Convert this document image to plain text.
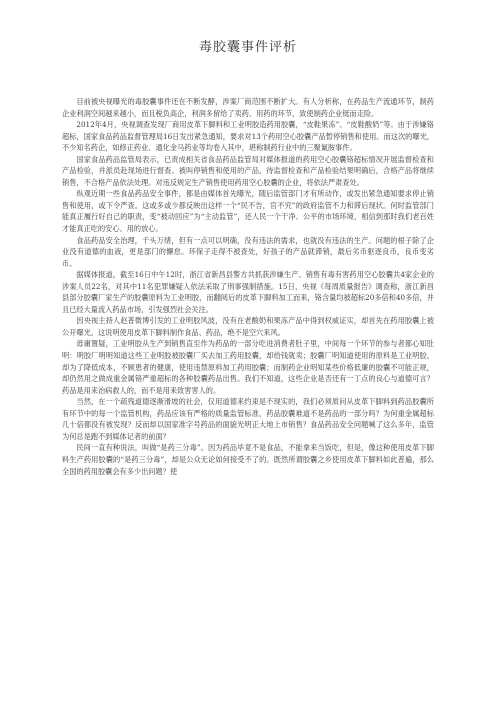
毒胶囊事件评析

目前被央视曝光的毒胶囊事件还在不断发酵，涉案厂商范围不断扩大。有人分析称，在药品生产流通环节，制药企业利润空间越来越小，而且税负高企，利润多留给了卖药、用药的环节，致使制药企业铤而走险。

2012年4月，央视调查发现厂商用皮革下脚料和工业明胶造药用胶囊，“皮鞋果冻”、“皮鞋酸奶”等。由于涉嫌铬超标，国家食品药品监督管理局16日发出紧急通知，要求对13个药用空心胶囊产品暂停销售和使用。而这次的曝光，不少知名药企，如修正药业、通化金马药业等均卷入其中，堪称制药行业中的三聚氰胺事件。

国家食品药品监管局表示，已责成相关省食品药品监管局对媒体报道的药用空心胶囊铬超标情况开展监督检查和产品检验，并派员赴现场进行督查。被叫停销售和使用的产品，待监督检查和产品检验结果明确后，合格产品将继续销售，不合格产品依法处理。对违反规定生产销售使用药用空心胶囊的企业，将依法严肃查处。

纵观近期一些食品药品安全事件，都是由媒体首先曝光，随后监管部门才有所动作，或发出紧急通知要求停止销售和使用，或下令严查。这或多或少都反映出这样一个“民不告，官不究”的政府监管不力和滞后现状。何时监管部门能真正履行好自己的职责，变“被动回应”为“主动监管”，还人民一个干净、公平的市场环境，相信到那时我们老百姓才能真正吃的安心、用的放心。

食品药品安全治理，千头万绪，但有一点可以明确，没有违法的需求，也就没有违法的生产。问题的根子除了企业没有道德的血液，更是部门的懈怠。环保子走得不被查处，好孩子的产品就滞销，最后劣币驱逐良币，良币变劣币。

据媒体报道，截至16日中午12时，浙江省新昌县警方共抓获涉嫌生产、销售有毒有害药用空心胶囊共4家企业的涉案人员22名，对其中11名犯罪嫌疑人依法采取了刑事强制措施。15日，央视《每周质量报告》调查称，浙江新昌县部分胶囊厂家生产的胶囊原料为工业明胶，而翻阅后的皮革下脚料加工而来，铬含量均被超标20多倍和40多倍，并且已经大量流入药品市场，引发强烈社会关注。

因央视主持人赵普微博引发的工业明胶风波，没有在老酸奶和果冻产品中得到权威证实，却首先在药用胶囊上被公开曝光。这说明使用皮革下脚料制作食品、药品，绝不是空穴来风。

毋庸置疑，工业明胶从生产到销售直至作为药品的一部分吃进消费者肚子里，中间每一个环节的参与者都心知肚明：明胶厂明明知道这些工业明胶被胶囊厂买去加工药用胶囊，却给钱就卖；胶囊厂明知道使用的原料是工业明胶，却为了降低成本，不顾患者的健康，使用违禁原料加工药用胶囊；而制药企业明知某些价格低廉的胶囊不可能正规，却仍然用之做成重金属铬严重超标的各种胶囊药品出售。我们不知道，这些企业是否还有一丁点的良心与道德可言？药品是用来治病救人的，而不是用来致害害人的。

当然，在一个疏残道德逐渐滑坡的社会，仅用道德来约束是不现实的，我们必须质问从皮革下脚料到药品胶囊所有环节中的每一个监管机构，药品应该有严格的质量监管标准，药品胶囊难道不是药品的一部分吗？为何重金属超标几十倍都没有被发现？反而却以国家准字号药品的面貌光明正大地上市销售？食品药品安全问题喊了这么多年，监管为何总是跑不到媒体记者的前面？

民间一直有种说法，叫做“是药三分毒”。因为药品毕竟不是食品，不能拿来当饭吃，但是，像这种使用皮革下脚料生产药用胶囊的“是药三分毒”，却是公众无论如何接受不了的。既然所谓胶囊之乡使用皮革下脚料如此普遍，那么全国的药用胶囊会有多少出问题？使
